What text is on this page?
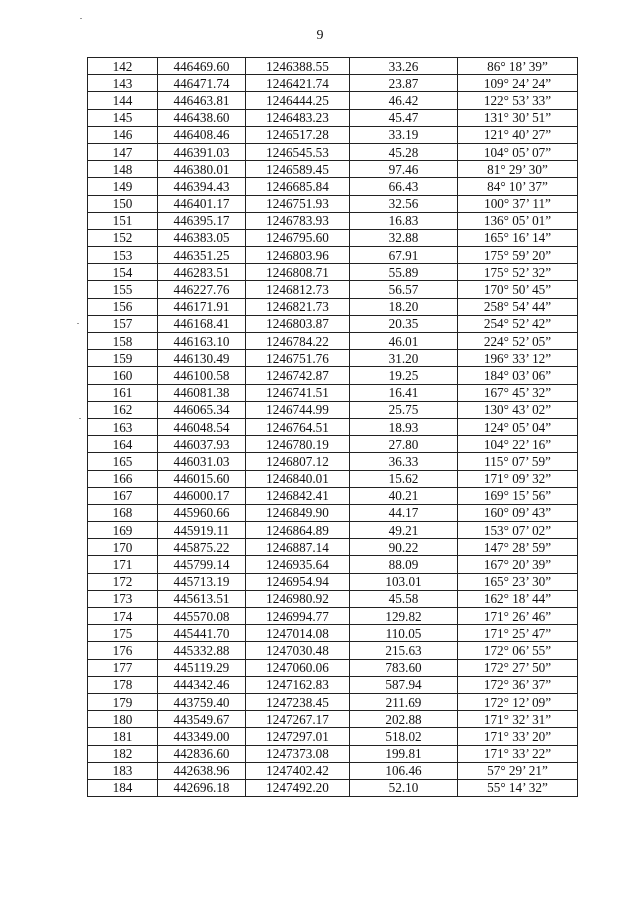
9
142	446469.60	1246388.55	33.26	86° 18’ 39”
143	446471.74	1246421.74	23.87	109° 24’ 24”
144	446463.81	1246444.25	46.42	122° 53’ 33”
145	446438.60	1246483.23	45.47	131° 30’ 51”
146	446408.46	1246517.28	33.19	121° 40’ 27”
147	446391.03	1246545.53	45.28	104° 05’ 07”
148	446380.01	1246589.45	97.46	81° 29’ 30”
149	446394.43	1246685.84	66.43	84° 10’ 37”
150	446401.17	1246751.93	32.56	100° 37’ 11”
151	446395.17	1246783.93	16.83	136° 05’ 01”
152	446383.05	1246795.60	32.88	165° 16’ 14”
153	446351.25	1246803.96	67.91	175° 59’ 20”
154	446283.51	1246808.71	55.89	175° 52’ 32”
155	446227.76	1246812.73	56.57	170° 50’ 45”
156	446171.91	1246821.73	18.20	258° 54’ 44”
157	446168.41	1246803.87	20.35	254° 52’ 42”
158	446163.10	1246784.22	46.01	224° 52’ 05”
159	446130.49	1246751.76	31.20	196° 33’ 12”
160	446100.58	1246742.87	19.25	184° 03’ 06”
161	446081.38	1246741.51	16.41	167° 45’ 32”
162	446065.34	1246744.99	25.75	130° 43’ 02”
163	446048.54	1246764.51	18.93	124° 05’ 04”
164	446037.93	1246780.19	27.80	104° 22’ 16”
165	446031.03	1246807.12	36.33	115° 07’ 59”
166	446015.60	1246840.01	15.62	171° 09’ 32”
167	446000.17	1246842.41	40.21	169° 15’ 56”
168	445960.66	1246849.90	44.17	160° 09’ 43”
169	445919.11	1246864.89	49.21	153° 07’ 02”
170	445875.22	1246887.14	90.22	147° 28’ 59”
171	445799.14	1246935.64	88.09	167° 20’ 39”
172	445713.19	1246954.94	103.01	165° 23’ 30”
173	445613.51	1246980.92	45.58	162° 18’ 44”
174	445570.08	1246994.77	129.82	171° 26’ 46”
175	445441.70	1247014.08	110.05	171° 25’ 47”
176	445332.88	1247030.48	215.63	172° 06’ 55”
177	445119.29	1247060.06	783.60	172° 27’ 50”
178	444342.46	1247162.83	587.94	172° 36’ 37”
179	443759.40	1247238.45	211.69	172° 12’ 09”
180	443549.67	1247267.17	202.88	171° 32’ 31”
181	443349.00	1247297.01	518.02	171° 33’ 20”
182	442836.60	1247373.08	199.81	171° 33’ 22”
183	442638.96	1247402.42	106.46	57° 29’ 21”
184	442696.18	1247492.20	52.10	55° 14’ 32”
